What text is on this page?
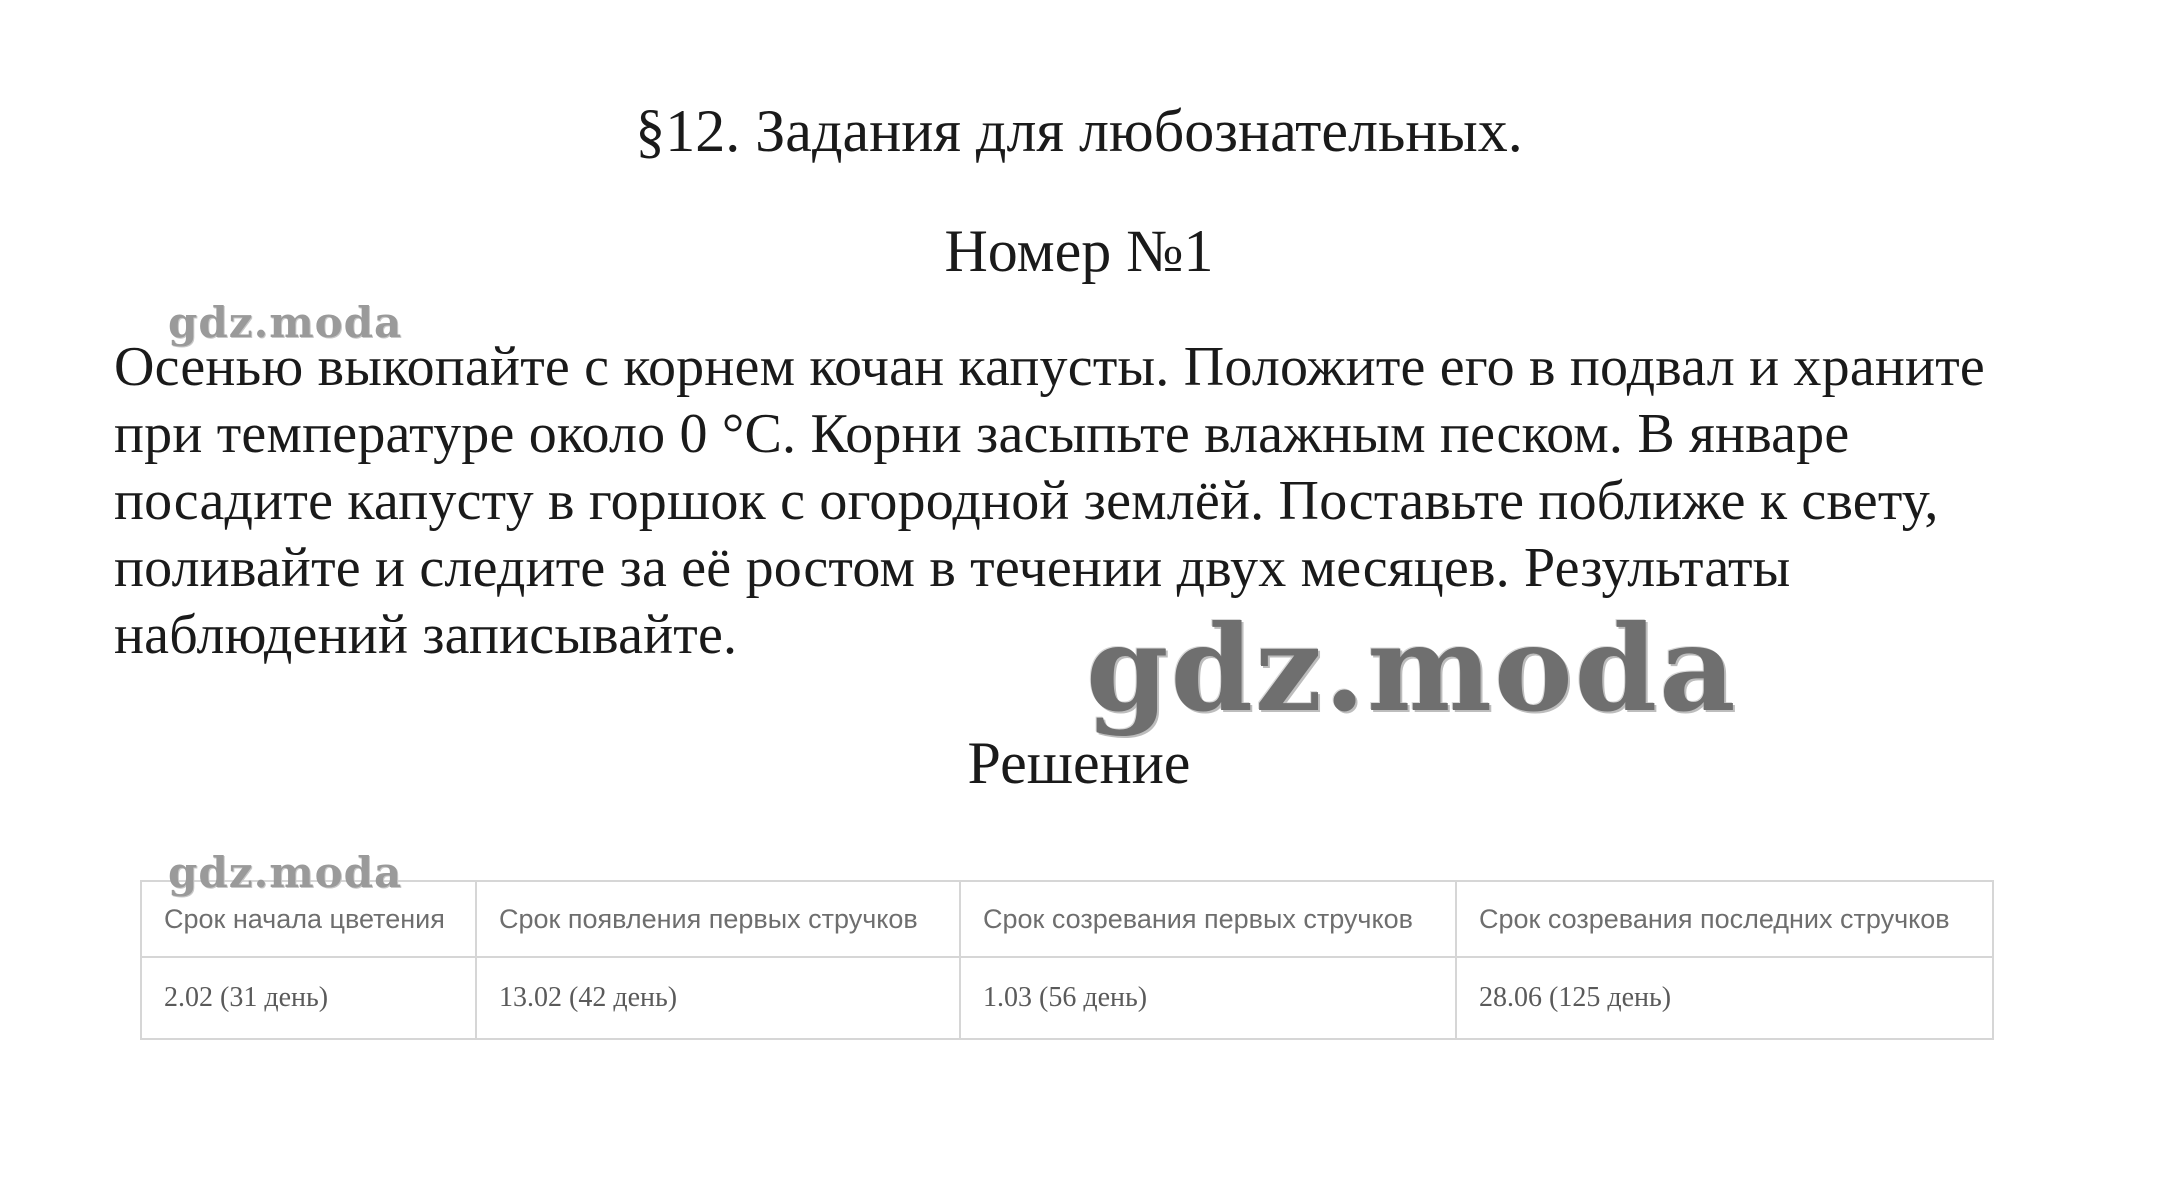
§12. Задания для любознательных.
Номер №1

Осенью выкопайте с корнем кочан капусты. Положите его в подвал и храните при температуре около 0 °С. Корни засыпьте влажным песком. В январе посадите капусту в горшок с огородной землёй. Поставьте поближе к свету, поливайте и следите за её ростом в течении двух месяцев. Результаты наблюдений записывайте.

Решение
Срок начала цветения	Срок появления первых стручков	Срок созревания первых стручков	Срок созревания последних стручков
2.02 (31 день)	13.02 (42 день)	1.03 (56 день)	28.06 (125 день)
gdz.moda
gdz.moda
gdz.moda
